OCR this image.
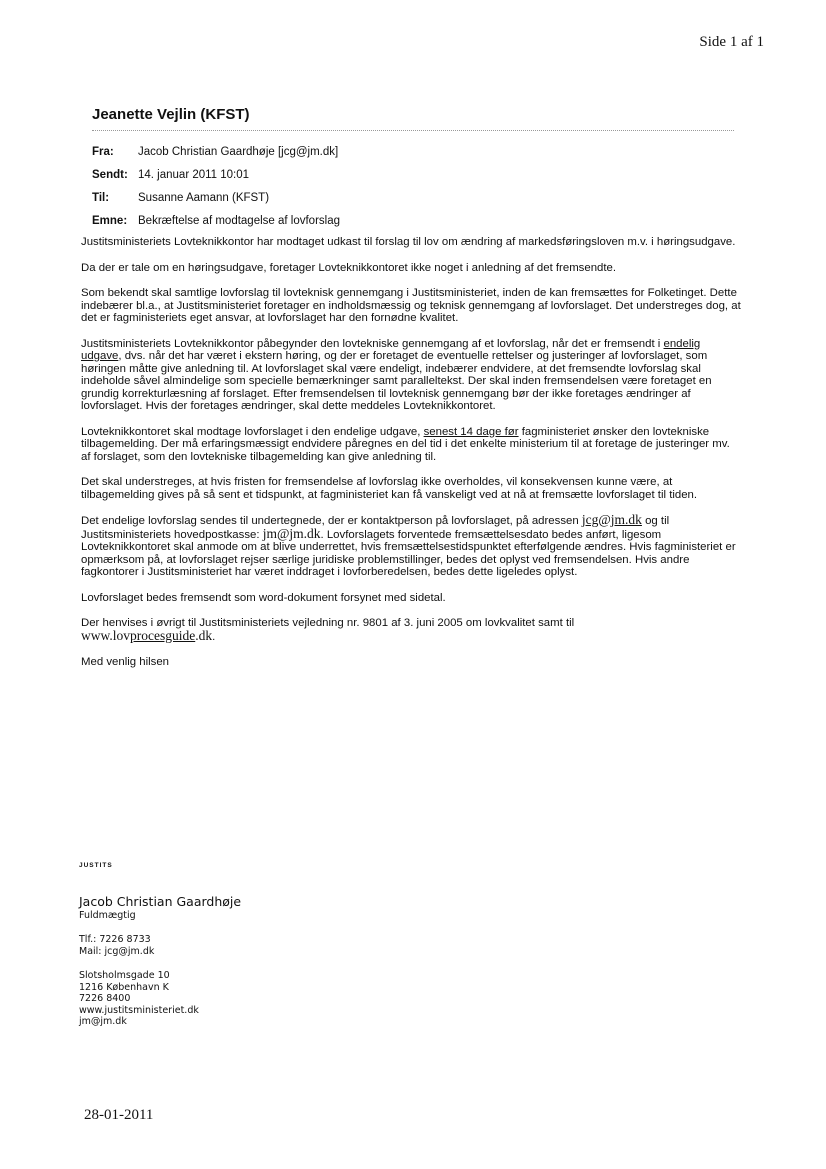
Side 1 af 1
Jeanette Vejlin (KFST)
Fra:	Jacob Christian Gaardhøje [jcg@jm.dk]
Sendt: 14. januar 2011 10:01
Til:	Susanne Aamann (KFST)
Emne: Bekræftelse af modtagelse af lovforslag

Justitsministeriets Lovteknikkontor har modtaget udkast til forslag til lov om ændring af markedsføringsloven m.v. i høringsudgave.

Da der er tale om en høringsudgave, foretager Lovteknikkontoret ikke noget i anledning af det fremsendte.

Som bekendt skal samtlige lovforslag til lovteknisk gennemgang i Justitsministeriet, inden de kan fremsættes for Folketinget. Dette indebærer bl.a., at Justitsministeriet foretager en indholdsmæssig og teknisk gennemgang af lovforslaget. Det understreges dog, at det er fagministeriets eget ansvar, at lovforslaget har den fornødne kvalitet.

Justitsministeriets Lovteknikkontor påbegynder den lovtekniske gennemgang af et lovforslag, når det er fremsendt i endelig udgave, dvs. når det har været i ekstern høring, og der er foretaget de eventuelle rettelser og justeringer af lovforslaget, som høringen måtte give anledning til. At lovforslaget skal være endeligt, indebærer endvidere, at det fremsendte lovforslag skal indeholde såvel almindelige som specielle bemærkninger samt paralleltekst. Der skal inden fremsendelsen være foretaget en grundig korrekturlæsning af forslaget. Efter fremsendelsen til lovteknisk gennemgang bør der ikke foretages ændringer af lovforslaget. Hvis der foretages ændringer, skal dette meddeles Lovteknikkontoret.

Lovteknikkontoret skal modtage lovforslaget i den endelige udgave, senest 14 dage før fagministeriet ønsker den lovtekniske tilbagemelding. Der må erfaringsmæssigt endvidere påregnes en del tid i det enkelte ministerium til at foretage de justeringer mv. af forslaget, som den lovtekniske tilbagemelding kan give anledning til.

Det skal understreges, at hvis fristen for fremsendelse af lovforslag ikke overholdes, vil konsekvensen kunne være, at tilbagemelding gives på så sent et tidspunkt, at fagministeriet kan få vanskeligt ved at nå at fremsætte lovforslaget til tiden.

Det endelige lovforslag sendes til undertegnede, der er kontaktperson på lovforslaget, på adressen jcg@jm.dk og til Justitsministeriets hovedpostkasse: jm@jm.dk. Lovforslagets forventede fremsættelsesdato bedes anført, ligesom Lovteknikkontoret skal anmode om at blive underrettet, hvis fremsættelsestidspunktet efterfølgende ændres. Hvis fagministeriet er opmærksom på, at lovforslaget rejser særlige juridiske problemstillinger, bedes det oplyst ved fremsendelsen. Hvis andre fagkontorer i Justitsministeriet har været inddraget i lovforberedelsen, bedes dette ligeledes oplyst.

Lovforslaget bedes fremsendt som word-dokument forsynet med sidetal.

Der henvises i øvrigt til Justitsministeriets vejledning nr. 9801 af 3. juni 2005 om lovkvalitet samt til
www.lovprocesguide.dk.

Med venlig hilsen

JUSTITS
Jacob Christian Gaardhøje
Fuldmægtig
Tlf.: 7226 8733
Mail: jcg@jm.dk
Slotsholmsgade 10
1216 København K
7226 8400
www.justitsministeriet.dk
jm@jm.dk
28-01-2011
